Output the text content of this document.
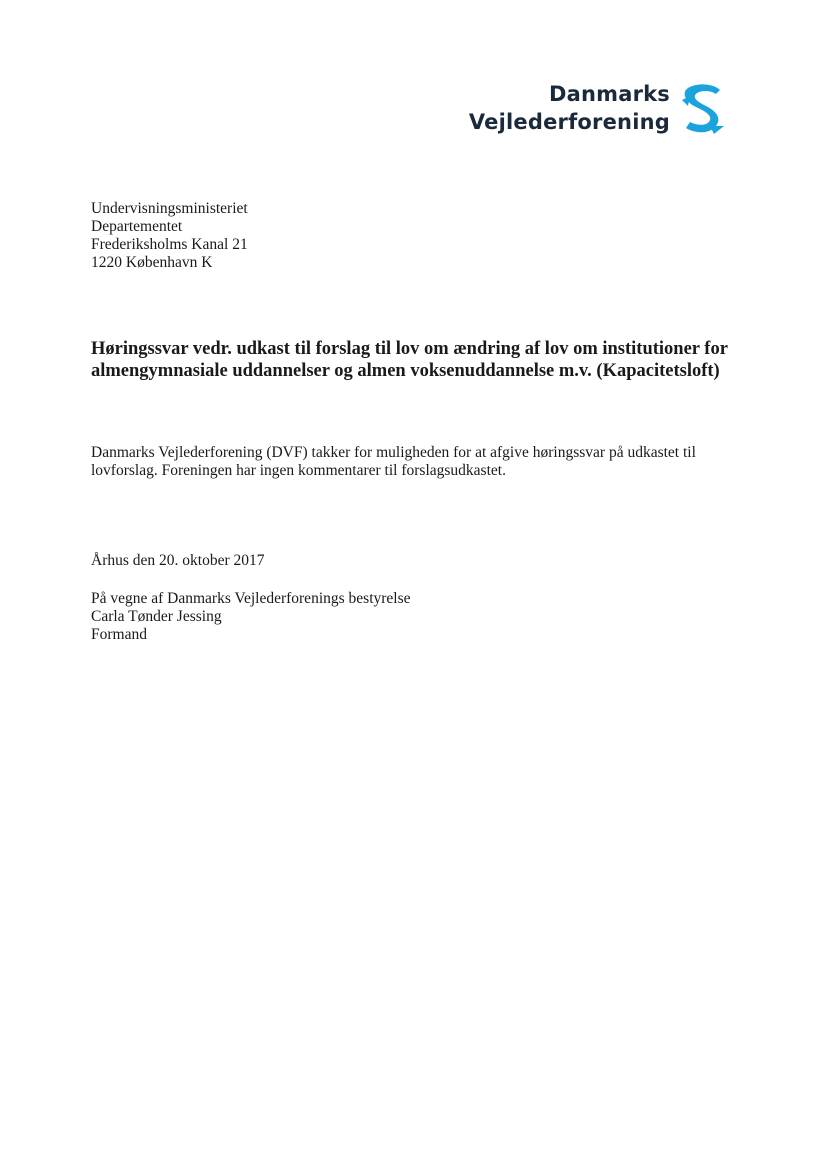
Danmarks
Vejlederforening
Undervisningsministeriet
Departementet
Frederiksholms Kanal 21
1220 København K
Høringssvar vedr. udkast til forslag til lov om ændring af lov om institutioner for almengymnasiale uddannelser og almen voksenuddannelse m.v. (Kapacitetsloft)
Danmarks Vejlederforening (DVF) takker for muligheden for at afgive høringssvar på udkastet til lovforslag. Foreningen har ingen kommentarer til forslagsudkastet.
Århus den 20. oktober 2017
På vegne af Danmarks Vejlederforenings bestyrelse
Carla Tønder Jessing
Formand
